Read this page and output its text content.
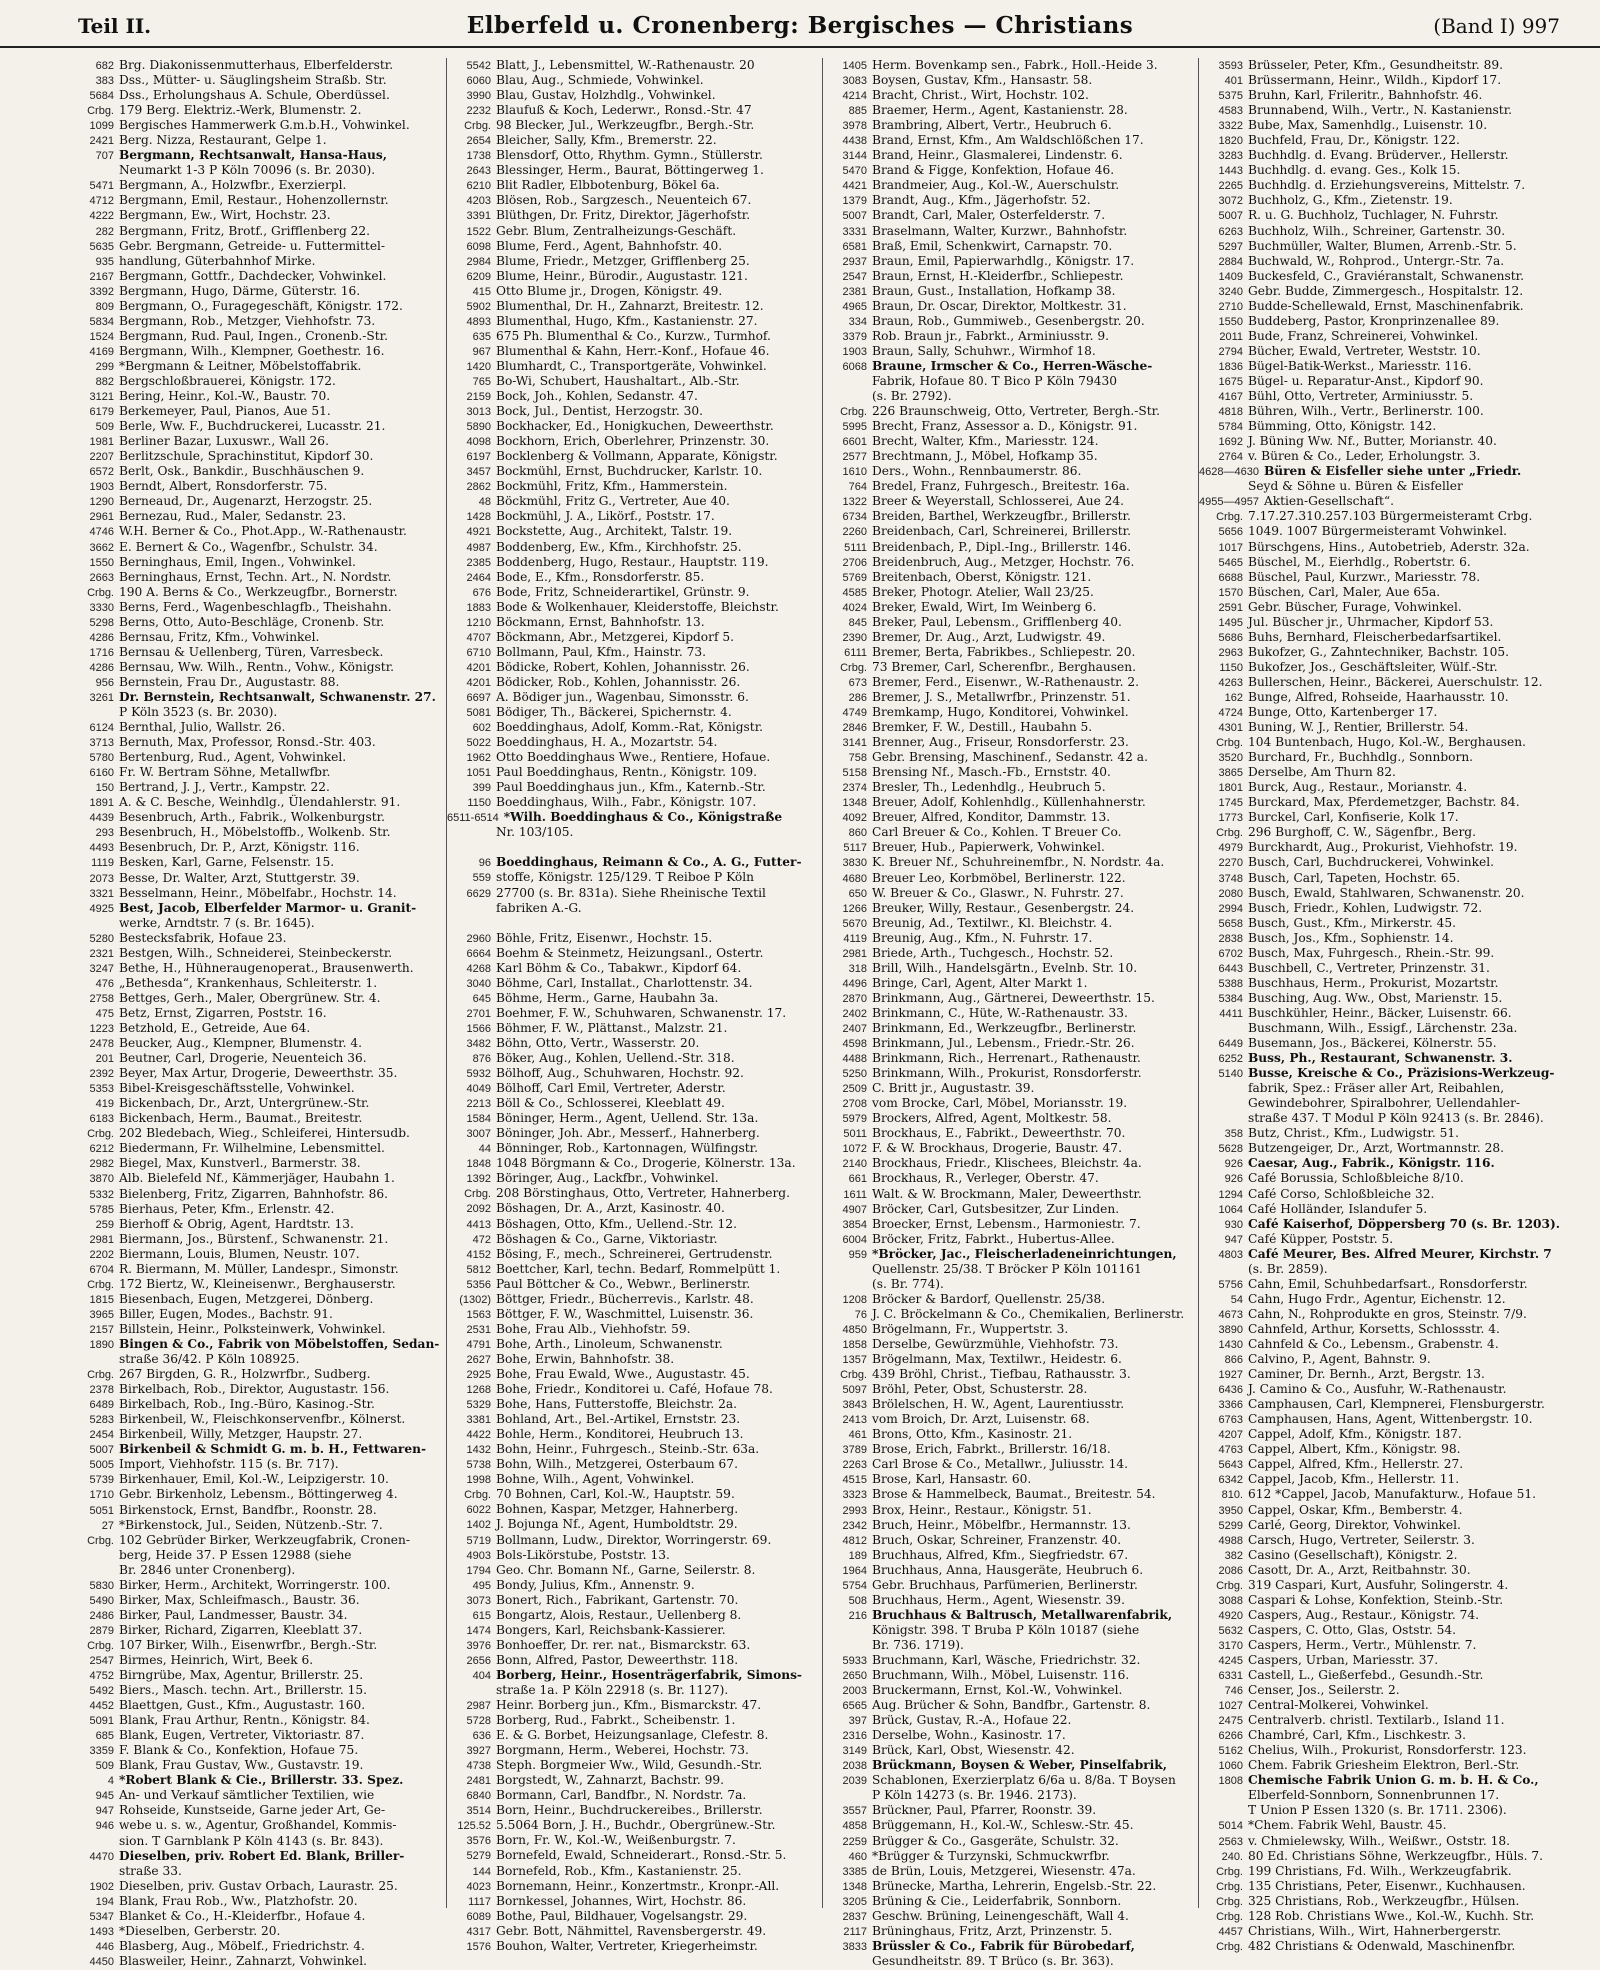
Teil II.	Elberfeld u. Cronenberg: Bergisches — Christians	(Band I) 997
682 Brg. Diakonissenmutterhaus, Elberfelderstr.
383 Dss., Mütter- u. Säuglingsheim Straßb. Str.
5684 Dss., Erholungshaus A. Schule, Oberdüssel.
Crbg. 179 Berg. Elektriz.-Werk, Blumenstr. 2.
1099 Bergisches Hammerwerk G.m.b.H., Vohwinkel.
2421 Berg. Nizza, Restaurant, Gelpe 1.
707 Bergmann, Rechtsanwalt, Hansa-Haus,
Neumarkt 1-3 P Köln 70096 (s. Br. 2030).
5471 Bergmann, A., Holzwfbr., Exerzierpl.
4712 Bergmann, Emil, Restaur., Hohenzollernstr.
4222 Bergmann, Ew., Wirt, Hochstr. 23.
282 Bergmann, Fritz, Brotf., Grifflenberg 22.
5635 Gebr. Bergmann, Getreide- u. Futtermittel-
935 handlung, Güterbahnhof Mirke.
2167 Bergmann, Gottfr., Dachdecker, Vohwinkel.
3392 Bergmann, Hugo, Därme, Güterstr. 16.
809 Bergmann, O., Furagegeschäft, Königstr. 172.
5834 Bergmann, Rob., Metzger, Viehhofstr. 73.
1524 Bergmann, Rud. Paul, Ingen., Cronenb.-Str.
4169 Bergmann, Wilh., Klempner, Goethestr. 16.
299 *Bergmann & Leitner, Möbelstoffabrik.
882 Bergschloßbrauerei, Königstr. 172.
3121 Bering, Heinr., Kol.-W., Baustr. 70.
6179 Berkemeyer, Paul, Pianos, Aue 51.
509 Berle, Ww. F., Buchdruckerei, Lucasstr. 21.
1981 Berliner Bazar, Luxuswr., Wall 26.
2207 Berlitzschule, Sprachinstitut, Kipdorf 30.
6572 Berlt, Osk., Bankdir., Buschhäuschen 9.
1903 Berndt, Albert, Ronsdorferstr. 75.
1290 Berneaud, Dr., Augenarzt, Herzogstr. 25.
2961 Bernezau, Rud., Maler, Sedanstr. 23.
4746 W.H. Berner & Co., Phot.App., W.-Rathenaustr.
3662 E. Bernert & Co., Wagenfbr., Schulstr. 34.
1550 Berninghaus, Emil, Ingen., Vohwinkel.
2663 Berninghaus, Ernst, Techn. Art., N. Nordstr.
Crbg. 190 A. Berns & Co., Werkzeugfbr., Bornerstr.
3330 Berns, Ferd., Wagenbeschlagfb., Theishahn.
5298 Berns, Otto, Auto-Beschläge, Cronenb. Str.
4286 Bernsau, Fritz, Kfm., Vohwinkel.
1716 Bernsau & Uellenberg, Türen, Varresbeck.
4286 Bernsau, Ww. Wilh., Rentn., Vohw., Königstr.
956 Bernstein, Frau Dr., Augustastr. 88.
3261 Dr. Bernstein, Rechtsanwalt, Schwanenstr. 27.
P Köln 3523 (s. Br. 2030).
6124 Bernthal, Julio, Wallstr. 26.
3713 Bernuth, Max, Professor, Ronsd.-Str. 403.
5780 Bertenburg, Rud., Agent, Vohwinkel.
6160 Fr. W. Bertram Söhne, Metallwfbr.
150 Bertrand, J. J., Vertr., Kampstr. 22.
1891 A. & C. Besche, Weinhdlg., Ülendahlerstr. 91.
4439 Besenbruch, Arth., Fabrik., Wolkenburgstr.
293 Besenbruch, H., Möbelstoffb., Wolkenb. Str.
4493 Besenbruch, Dr. P., Arzt, Königstr. 116.
1119 Besken, Karl, Garne, Felsenstr. 15.
2073 Besse, Dr. Walter, Arzt, Stuttgerstr. 39.
3321 Besselmann, Heinr., Möbelfabr., Hochstr. 14.
4925 Best, Jacob, Elberfelder Marmor- u. Granit-
werke, Arndtstr. 7 (s. Br. 1645).
5280 Bestecksfabrik, Hofaue 23.
2321 Bestgen, Wilh., Schneiderei, Steinbeckerstr.
3247 Bethe, H., Hühneraugenoperat., Brausenwerth.
476 „Bethesda“, Krankenhaus, Schleiterstr. 1.
2758 Bettges, Gerh., Maler, Obergrünew. Str. 4.
475 Betz, Ernst, Zigarren, Poststr. 16.
1223 Betzhold, E., Getreide, Aue 64.
2478 Beucker, Aug., Klempner, Blumenstr. 4.
201 Beutner, Carl, Drogerie, Neuenteich 36.
2392 Beyer, Max Artur, Drogerie, Deweerthstr. 35.
5353 Bibel-Kreisgeschäftsstelle, Vohwinkel.
419 Bickenbach, Dr., Arzt, Untergrünew.-Str.
6183 Bickenbach, Herm., Baumat., Breitestr.
Crbg. 202 Bledebach, Wieg., Schleiferei, Hintersudb.
6212 Biedermann, Fr. Wilhelmine, Lebensmittel.
2982 Biegel, Max, Kunstverl., Barmerstr. 38.
3870 Alb. Bielefeld Nf., Kämmerjäger, Haubahn 1.
5332 Bielenberg, Fritz, Zigarren, Bahnhofstr. 86.
5785 Bierhaus, Peter, Kfm., Erlenstr. 42.
259 Bierhoff & Obrig, Agent, Hardtstr. 13.
2981 Biermann, Jos., Bürstenf., Schwanenstr. 21.
2202 Biermann, Louis, Blumen, Neustr. 107.
6704 R. Biermann, M. Müller, Landespr., Simonstr.
Crbg. 172 Biertz, W., Kleineisenwr., Berghauserstr.
1815 Biesenbach, Eugen, Metzgerei, Dönberg.
3965 Biller, Eugen, Modes., Bachstr. 91.
2157 Billstein, Heinr., Polksteinwerk, Vohwinkel.
1890 Bingen & Co., Fabrik von Möbelstoffen, Sedan-
straße 36/42. P Köln 108925.
Crbg. 267 Birgden, G. R., Holzwrfbr., Sudberg.
2378 Birkelbach, Rob., Direktor, Augustastr. 156.
6489 Birkelbach, Rob., Ing.-Büro, Kasinog.-Str.
5283 Birkenbeil, W., Fleischkonservenfbr., Kölnerst.
2454 Birkenbeil, Willy, Metzger, Haupstr. 27.
5007 Birkenbeil & Schmidt G. m. b. H., Fettwaren-
5005 Import, Viehhofstr. 115 (s. Br. 717).
5739 Birkenhauer, Emil, Kol.-W., Leipzigerstr. 10.
1710 Gebr. Birkenholz, Lebensm., Böttingerweg 4.
5051 Birkenstock, Ernst, Bandfbr., Roonstr. 28.
27 *Birkenstock, Jul., Seiden, Nützenb.-Str. 7.
Crbg. 102 Gebrüder Birker, Werkzeugfabrik, Cronen-
berg, Heide 37. P Essen 12988 (siehe
Br. 2846 unter Cronenberg).
5830 Birker, Herm., Architekt, Worringerstr. 100.
5490 Birker, Max, Schleifmasch., Baustr. 36.
2486 Birker, Paul, Landmesser, Baustr. 34.
2879 Birker, Richard, Zigarren, Kleeblatt 37.
Crbg. 107 Birker, Wilh., Eisenwrfbr., Bergh.-Str.
2547 Birmes, Heinrich, Wirt, Beek 6.
4752 Birngrübe, Max, Agentur, Brillerstr. 25.
5492 Biers., Masch. techn. Art., Brillerstr. 15.
4452 Blaettgen, Gust., Kfm., Augustastr. 160.
5091 Blank, Frau Arthur, Rentn., Königstr. 84.
685 Blank, Eugen, Vertreter, Viktoriastr. 87.
3359 F. Blank & Co., Konfektion, Hofaue 75.
509 Blank, Frau Gustav, Ww., Gustavstr. 19.
4 *Robert Blank & Cie., Brillerstr. 33. Spez.
945 An- und Verkauf sämtlicher Textilien, wie
947 Rohseide, Kunstseide, Garne jeder Art, Ge-
946 webe u. s. w., Agentur, Großhandel, Kommis-
sion. T Garnblank P Köln 4143 (s. Br. 843).
4470 Dieselben, priv. Robert Ed. Blank, Briller-
straße 33.
1902 Dieselben, priv. Gustav Orbach, Laurastr. 25.
194 Blank, Frau Rob., Ww., Platzhofstr. 20.
5347 Blanket & Co., H.-Kleiderfbr., Hofaue 4.
1493 *Dieselben, Gerberstr. 20.
446 Blasberg, Aug., Möbelf., Friedrichstr. 4.
4450 Blasweiler, Heinr., Zahnarzt, Vohwinkel.
5542 Blatt, J., Lebensmittel, W.-Rathenaustr. 20
6060 Blau, Aug., Schmiede, Vohwinkel.
3990 Blau, Gustav, Holzhdlg., Vohwinkel.
2232 Blaufuß & Koch, Lederwr., Ronsd.-Str. 47
Crbg. 98 Blecker, Jul., Werkzeugfbr., Bergh.-Str.
2654 Bleicher, Sally, Kfm., Bremerstr. 22.
1738 Blensdorf, Otto, Rhythm. Gymn., Stüllerstr.
2643 Blessinger, Herm., Baurat, Böttingerweg 1.
6210 Blit Radler, Elbbotenburg, Bökel 6a.
4203 Blösen, Rob., Sargzesch., Neuenteich 67.
3391 Blüthgen, Dr. Fritz, Direktor, Jägerhofstr.
1522 Gebr. Blum, Zentralheizungs-Geschäft.
6098 Blume, Ferd., Agent, Bahnhofstr. 40.
2984 Blume, Friedr., Metzger, Grifflenberg 25.
6209 Blume, Heinr., Bürodir., Augustastr. 121.
415 Otto Blume jr., Drogen, Königstr. 49.
5902 Blumenthal, Dr. H., Zahnarzt, Breitestr. 12.
4893 Blumenthal, Hugo, Kfm., Kastanienstr. 27.
635 675 Ph. Blumenthal & Co., Kurzw., Turmhof.
967 Blumenthal & Kahn, Herr.-Konf., Hofaue 46.
1420 Blumhardt, C., Transportgeräte, Vohwinkel.
765 Bo-Wi, Schubert, Haushaltart., Alb.-Str.
2159 Bock, Joh., Kohlen, Sedanstr. 47.
3013 Bock, Jul., Dentist, Herzogstr. 30.
5890 Bockhacker, Ed., Honigkuchen, Deweerthstr.
4098 Bockhorn, Erich, Oberlehrer, Prinzenstr. 30.
6197 Bocklenberg & Vollmann, Apparate, Königstr.
3457 Bockmühl, Ernst, Buchdrucker, Karlstr. 10.
2862 Bockmühl, Fritz, Kfm., Hammerstein.
48 Böckmühl, Fritz G., Vertreter, Aue 40.
1428 Bockmühl, J. A., Likörf., Poststr. 17.
4921 Bockstette, Aug., Architekt, Talstr. 19.
4987 Boddenberg, Ew., Kfm., Kirchhofstr. 25.
2385 Boddenberg, Hugo, Restaur., Hauptstr. 119.
2464 Bode, E., Kfm., Ronsdorferstr. 85.
676 Bode, Fritz, Schneiderartikel, Grünstr. 9.
1883 Bode & Wolkenhauer, Kleiderstoffe, Bleichstr.
1210 Böckmann, Ernst, Bahnhofstr. 13.
4707 Böckmann, Abr., Metzgerei, Kipdorf 5.
6710 Bollmann, Paul, Kfm., Hainstr. 73.
4201 Bödicke, Robert, Kohlen, Johannisstr. 26.
4201 Bödicker, Rob., Kohlen, Johannisstr. 26.
6697 A. Bödiger jun., Wagenbau, Simonsstr. 6.
5081 Bödiger, Th., Bäckerei, Spichernstr. 4.
602 Boeddinghaus, Adolf, Komm.-Rat, Königstr.
5022 Boeddinghaus, H. A., Mozartstr. 54.
1962 Otto Boeddinghaus Wwe., Rentiere, Hofaue.
1051 Paul Boeddinghaus, Rentn., Königstr. 109.
399 Paul Boeddinghaus jun., Kfm., Katernb.-Str.
1150 Boeddinghaus, Wilh., Fabr., Königstr. 107.
6511-6514 *Wilh. Boeddinghaus & Co., Königstraße
Nr. 103/105.
96 Boeddinghaus, Reimann & Co., A. G., Futter-
559 stoffe, Königstr. 125/129. T Reiboe P Köln
6629 27700 (s. Br. 831a). Siehe Rheinische Textil
fabriken A.-G.
2960 Böhle, Fritz, Eisenwr., Hochstr. 15.
6664 Boehm & Steinmetz, Heizungsanl., Ostertr.
4268 Karl Böhm & Co., Tabakwr., Kipdorf 64.
3040 Böhme, Carl, Installat., Charlottenstr. 34.
645 Böhme, Herm., Garne, Haubahn 3a.
2701 Boehmer, F. W., Schuhwaren, Schwanenstr. 17.
1566 Böhmer, F. W., Plättanst., Malzstr. 21.
3482 Böhn, Otto, Vertr., Wasserstr. 20.
876 Böker, Aug., Kohlen, Uellend.-Str. 318.
5932 Bölhoff, Aug., Schuhwaren, Hochstr. 92.
4049 Bölhoff, Carl Emil, Vertreter, Aderstr.
2213 Böll & Co., Schlosserei, Kleeblatt 49.
1584 Böninger, Herm., Agent, Uellend. Str. 13a.
3007 Böninger, Joh. Abr., Messerf., Hahnerberg.
44 Bönninger, Rob., Kartonnagen, Wülfingstr.
1848 1048 Börgmann & Co., Drogerie, Kölnerstr. 13a.
1392 Böringer, Aug., Lackfbr., Vohwinkel.
Crbg. 208 Börstinghaus, Otto, Vertreter, Hahnerberg.
2092 Böshagen, Dr. A., Arzt, Kasinostr. 40.
4413 Böshagen, Otto, Kfm., Uellend.-Str. 12.
472 Böshagen & Co., Garne, Viktoriastr.
4152 Bösing, F., mech., Schreinerei, Gertrudenstr.
5812 Boettcher, Karl, techn. Bedarf, Rommelpütt 1.
5356 Paul Böttcher & Co., Webwr., Berlinerstr.
(1302) Böttger, Friedr., Bücherrevis., Karlstr. 48.
1563 Böttger, F. W., Waschmittel, Luisenstr. 36.
2531 Bohe, Frau Alb., Viehhofstr. 59.
4791 Bohe, Arth., Linoleum, Schwanenstr.
2627 Bohe, Erwin, Bahnhofstr. 38.
2925 Bohe, Frau Ewald, Wwe., Augustastr. 45.
1268 Bohe, Friedr., Konditorei u. Café, Hofaue 78.
5329 Bohe, Hans, Futterstoffe, Bleichstr. 2a.
3381 Bohland, Art., Bel.-Artikel, Ernststr. 23.
4422 Bohle, Herm., Konditorei, Heubruch 13.
1432 Bohn, Heinr., Fuhrgesch., Steinb.-Str. 63a.
5738 Bohn, Wilh., Metzgerei, Osterbaum 67.
1998 Bohne, Wilh., Agent, Vohwinkel.
Crbg. 70 Bohnen, Carl, Kol.-W., Hauptstr. 59.
6022 Bohnen, Kaspar, Metzger, Hahnerberg.
1402 J. Bojunga Nf., Agent, Humboldtstr. 29.
5719 Bollmann, Ludw., Direktor, Worringerstr. 69.
4903 Bols-Likörstube, Poststr. 13.
1794 Geo. Chr. Bomann Nf., Garne, Seilerstr. 8.
495 Bondy, Julius, Kfm., Annenstr. 9.
3073 Bonert, Rich., Fabrikant, Gartenstr. 70.
615 Bongartz, Alois, Restaur., Uellenberg 8.
1474 Bongers, Karl, Reichsbank-Kassierer.
3976 Bonhoeffer, Dr. rer. nat., Bismarckstr. 63.
2656 Bonn, Alfred, Pastor, Deweerthstr. 118.
404 Borberg, Heinr., Hosenträgerfabrik, Simons-
straße 1a. P Köln 22918 (s. Br. 1127).
2987 Heinr. Borberg jun., Kfm., Bismarckstr. 47.
5728 Borberg, Rud., Fabrkt., Scheibenstr. 1.
636 E. & G. Borbet, Heizungsanlage, Clefestr. 8.
3927 Borgmann, Herm., Weberei, Hochstr. 73.
4738 Steph. Borgmeier Ww., Wild, Gesundh.-Str.
2481 Borgstedt, W., Zahnarzt, Bachstr. 99.
6840 Bormann, Carl, Bandfbr., N. Nordstr. 7a.
3514 Born, Heinr., Buchdruckereibes., Brillerstr.
125.52 5.5064 Born, J. H., Buchdr., Obergrünew.-Str.
3576 Born, Fr. W., Kol.-W., Weißenburgstr. 7.
5279 Bornefeld, Ewald, Schneiderart., Ronsd.-Str. 5.
144 Bornefeld, Rob., Kfm., Kastanienstr. 25.
4023 Bornemann, Heinr., Konzertmstr., Kronpr.-All.
1117 Bornkessel, Johannes, Wirt, Hochstr. 86.
6089 Bothe, Paul, Bildhauer, Vogelsangstr. 29.
4317 Gebr. Bott, Nähmittel, Ravensbergerstr. 49.
1576 Bouhon, Walter, Vertreter, Kriegerheimstr.
1405 Herm. Bovenkamp sen., Fabrk., Holl.-Heide 3.
3083 Boysen, Gustav, Kfm., Hansastr. 58.
4214 Bracht, Christ., Wirt, Hochstr. 102.
885 Braemer, Herm., Agent, Kastanienstr. 28.
3978 Brambring, Albert, Vertr., Heubruch 6.
4438 Brand, Ernst, Kfm., Am Waldschlößchen 17.
3144 Brand, Heinr., Glasmalerei, Lindenstr. 6.
5470 Brand & Figge, Konfektion, Hofaue 46.
4421 Brandmeier, Aug., Kol.-W., Auerschulstr.
1379 Brandt, Aug., Kfm., Jägerhofstr. 52.
5007 Brandt, Carl, Maler, Osterfelderstr. 7.
3331 Braselmann, Walter, Kurzwr., Bahnhofstr.
6581 Braß, Emil, Schenkwirt, Carnapstr. 70.
2937 Braun, Emil, Papierwarhdlg., Königstr. 17.
2547 Braun, Ernst, H.-Kleiderfbr., Schliepestr.
2381 Braun, Gust., Installation, Hofkamp 38.
4965 Braun, Dr. Oscar, Direktor, Moltkestr. 31.
334 Braun, Rob., Gummiweb., Gesenbergstr. 20.
3379 Rob. Braun jr., Fabrkt., Arminiusstr. 9.
1903 Braun, Sally, Schuhwr., Wirmhof 18.
6068 Braune, Irmscher & Co., Herren-Wäsche-
Fabrik, Hofaue 80. T Bico P Köln 79430
(s. Br. 2792).
Crbg. 226 Braunschweig, Otto, Vertreter, Bergh.-Str.
5995 Brecht, Franz, Assessor a. D., Königstr. 91.
6601 Brecht, Walter, Kfm., Mariesstr. 124.
2577 Brechtmann, J., Möbel, Hofkamp 35.
1610 Ders., Wohn., Rennbaumerstr. 86.
764 Bredel, Franz, Fuhrgesch., Breitestr. 16a.
1322 Breer & Weyerstall, Schlosserei, Aue 24.
6734 Breiden, Barthel, Werkzeugfbr., Brillerstr.
2260 Breidenbach, Carl, Schreinerei, Brillerstr.
5111 Breidenbach, P., Dipl.-Ing., Brillerstr. 146.
2706 Breidenbruch, Aug., Metzger, Hochstr. 76.
5769 Breitenbach, Oberst, Königstr. 121.
4585 Breker, Photogr. Atelier, Wall 23/25.
4024 Breker, Ewald, Wirt, Im Weinberg 6.
845 Breker, Paul, Lebensm., Grifflenberg 40.
2390 Bremer, Dr. Aug., Arzt, Ludwigstr. 49.
6111 Bremer, Berta, Fabrikbes., Schliepestr. 20.
Crbg. 73 Bremer, Carl, Scherenfbr., Berghausen.
673 Bremer, Ferd., Eisenwr., W.-Rathenaustr. 2.
286 Bremer, J. S., Metallwrfbr., Prinzenstr. 51.
4749 Bremkamp, Hugo, Konditorei, Vohwinkel.
2846 Bremker, F. W., Destill., Haubahn 5.
3141 Brenner, Aug., Friseur, Ronsdorferstr. 23.
758 Gebr. Brensing, Maschinenf., Sedanstr. 42 a.
5158 Brensing Nf., Masch.-Fb., Ernststr. 40.
2374 Bresler, Th., Ledenhdlg., Heubruch 5.
1348 Breuer, Adolf, Kohlenhdlg., Küllenhahnerstr.
4092 Breuer, Alfred, Konditor, Dammstr. 13.
860 Carl Breuer & Co., Kohlen. T Breuer Co.
5117 Breuer, Hub., Papierwerk, Vohwinkel.
3830 K. Breuer Nf., Schuhreinemfbr., N. Nordstr. 4a.
4680 Breuer Leo, Korbmöbel, Berlinerstr. 122.
650 W. Breuer & Co., Glaswr., N. Fuhrstr. 27.
1266 Breuker, Willy, Restaur., Gesenbergstr. 24.
5670 Breunig, Ad., Textilwr., Kl. Bleichstr. 4.
4119 Breunig, Aug., Kfm., N. Fuhrstr. 17.
2981 Briede, Arth., Tuchgesch., Hochstr. 52.
318 Brill, Wilh., Handelsgärtn., Evelnb. Str. 10.
4496 Bringe, Carl, Agent, Alter Markt 1.
2870 Brinkmann, Aug., Gärtnerei, Deweerthstr. 15.
2402 Brinkmann, C., Hüte, W.-Rathenaustr. 33.
2407 Brinkmann, Ed., Werkzeugfbr., Berlinerstr.
4598 Brinkmann, Jul., Lebensm., Friedr.-Str. 26.
4488 Brinkmann, Rich., Herrenart., Rathenaustr.
5250 Brinkmann, Wilh., Prokurist, Ronsdorferstr.
2509 C. Britt jr., Augustastr. 39.
2708 vom Brocke, Carl, Möbel, Moriansstr. 19.
5979 Brockers, Alfred, Agent, Moltkestr. 58.
5011 Brockhaus, E., Fabrikt., Deweerthstr. 70.
1072 F. & W. Brockhaus, Drogerie, Baustr. 47.
2140 Brockhaus, Friedr., Klischees, Bleichstr. 4a.
661 Brockhaus, R., Verleger, Oberstr. 47.
1611 Walt. & W. Brockmann, Maler, Deweerthstr.
4907 Bröcker, Carl, Gutsbesitzer, Zur Linden.
3854 Broecker, Ernst, Lebensm., Harmoniestr. 7.
6004 Bröcker, Fritz, Fabrkt., Hubertus-Allee.
959 *Bröcker, Jac., Fleischerladeneinrichtungen,
Quellenstr. 25/38. T Bröcker P Köln 101161
(s. Br. 774).
1208 Bröcker & Bardorf, Quellenstr. 25/38.
76 J. C. Bröckelmann & Co., Chemikalien, Berlinerstr.
4850 Brögelmann, Fr., Wuppertstr. 3.
1858 Derselbe, Gewürzmühle, Viehhofstr. 73.
1357 Brögelmann, Max, Textilwr., Heidestr. 6.
Crbg. 439 Bröhl, Christ., Tiefbau, Rathausstr. 3.
5097 Bröhl, Peter, Obst, Schusterstr. 28.
3843 Brölelschen, H. W., Agent, Laurentiusstr.
2413 vom Broich, Dr. Arzt, Luisenstr. 68.
461 Brons, Otto, Kfm., Kasinostr. 21.
3789 Brose, Erich, Fabrkt., Brillerstr. 16/18.
2263 Carl Brose & Co., Metallwr., Juliusstr. 14.
4515 Brose, Karl, Hansastr. 60.
3323 Brose & Hammelbeck, Baumat., Breitestr. 54.
2993 Brox, Heinr., Restaur., Königstr. 51.
2342 Bruch, Heinr., Möbelfbr., Hermannstr. 13.
4812 Bruch, Oskar, Schreiner, Franzenstr. 40.
189 Bruchhaus, Alfred, Kfm., Siegfriedstr. 67.
1964 Bruchhaus, Anna, Hausgeräte, Heubruch 6.
5754 Gebr. Bruchhaus, Parfümerien, Berlinerstr.
508 Bruchhaus, Herm., Agent, Wiesenstr. 39.
216 Bruchhaus & Baltrusch, Metallwarenfabrik,
Königstr. 398. T Bruba P Köln 10187 (siehe
Br. 736. 1719).
5933 Bruchmann, Karl, Wäsche, Friedrichstr. 32.
2650 Bruchmann, Wilh., Möbel, Luisenstr. 116.
2003 Bruckermann, Ernst, Kol.-W., Vohwinkel.
6565 Aug. Brücher & Sohn, Bandfbr., Gartenstr. 8.
397 Brück, Gustav, R.-A., Hofaue 22.
2316 Derselbe, Wohn., Kasinostr. 17.
3149 Brück, Karl, Obst, Wiesenstr. 42.
2038 Brückmann, Boysen & Weber, Pinselfabrik,
2039 Schablonen, Exerzierplatz 6/6a u. 8/8a. T Boysen
P Köln 14273 (s. Br. 1946. 2173).
3557 Brückner, Paul, Pfarrer, Roonstr. 39.
4858 Brüggemann, H., Kol.-W., Schlesw.-Str. 45.
2259 Brügger & Co., Gasgeräte, Schulstr. 32.
460 *Brügger & Turzynski, Schmuckwrfbr.
3385 de Brün, Louis, Metzgerei, Wiesenstr. 47a.
1348 Brünecke, Martha, Lehrerin, Engelsb.-Str. 22.
3205 Brüning & Cie., Leiderfabrik, Sonnborn.
2837 Geschw. Brüning, Leinengeschäft, Wall 4.
2117 Brüninghaus, Fritz, Arzt, Prinzenstr. 5.
3833 Brüssler & Co., Fabrik für Bürobedarf,
Gesundheitstr. 89. T Brüco (s. Br. 363).
3593 Brüsseler, Peter, Kfm., Gesundheitstr. 89.
401 Brüssermann, Heinr., Wildh., Kipdorf 17.
5375 Bruhn, Karl, Frileritr., Bahnhofstr. 46.
4583 Brunnabend, Wilh., Vertr., N. Kastanienstr.
3322 Bube, Max, Samenhdlg., Luisenstr. 10.
1820 Buchfeld, Frau, Dr., Königstr. 122.
3283 Buchhdlg. d. Evang. Brüderver., Hellerstr.
1443 Buchhdlg. d. evang. Ges., Kolk 15.
2265 Buchhdlg. d. Erziehungsvereins, Mittelstr. 7.
3072 Buchholz, G., Kfm., Zietenstr. 19.
5007 R. u. G. Buchholz, Tuchlager, N. Fuhrstr.
6263 Buchholz, Wilh., Schreiner, Gartenstr. 30.
5297 Buchmüller, Walter, Blumen, Arrenb.-Str. 5.
2884 Buchwald, W., Rohprod., Untergr.-Str. 7a.
1409 Buckesfeld, C., Graviéranstalt, Schwanenstr.
3240 Gebr. Budde, Zimmergesch., Hospitalstr. 12.
2710 Budde-Schellewald, Ernst, Maschinenfabrik.
1550 Buddeberg, Pastor, Kronprinzenallee 89.
2011 Bude, Franz, Schreinerei, Vohwinkel.
2794 Bücher, Ewald, Vertreter, Weststr. 10.
1836 Bügel-Batik-Werkst., Mariesstr. 116.
1675 Bügel- u. Reparatur-Anst., Kipdorf 90.
4167 Bühl, Otto, Vertreter, Arminiusstr. 5.
4818 Bühren, Wilh., Vertr., Berlinerstr. 100.
5784 Bümming, Otto, Königstr. 142.
1692 J. Büning Ww. Nf., Butter, Morianstr. 40.
2764 v. Büren & Co., Leder, Erholungstr. 3.
4628—4630 Büren & Eisfeller siehe unter „Friedr.
Seyd & Söhne u. Büren & Eisfeller
4955—4957 Aktien-Gesellschaft“.
Crbg. 7.17.27.310.257.103 Bürgermeisteramt Crbg.
5656 1049. 1007 Bürgermeisteramt Vohwinkel.
1017 Bürschgens, Hins., Autobetrieb, Aderstr. 32a.
5465 Büschel, M., Eierhdlg., Robertstr. 6.
6688 Büschel, Paul, Kurzwr., Mariesstr. 78.
1570 Büschen, Carl, Maler, Aue 65a.
2591 Gebr. Büscher, Furage, Vohwinkel.
1495 Jul. Büscher jr., Uhrmacher, Kipdorf 53.
5686 Buhs, Bernhard, Fleischerbedarfsartikel.
2963 Bukofzer, G., Zahntechniker, Bachstr. 105.
1150 Bukofzer, Jos., Geschäftsleiter, Wülf.-Str.
4263 Bullerschen, Heinr., Bäckerei, Auerschulstr. 12.
162 Bunge, Alfred, Rohseide, Haarhausstr. 10.
4724 Bunge, Otto, Kartenberger 17.
4301 Buning, W. J., Rentier, Brillerstr. 54.
Crbg. 104 Buntenbach, Hugo, Kol.-W., Berghausen.
3520 Burchard, Fr., Buchhdlg., Sonnborn.
3865 Derselbe, Am Thurn 82.
1801 Burck, Aug., Restaur., Morianstr. 4.
1745 Burckard, Max, Pferdemetzger, Bachstr. 84.
1773 Burckel, Carl, Konfiserie, Kolk 17.
Crbg. 296 Burghoff, C. W., Sägenfbr., Berg.
4979 Burckhardt, Aug., Prokurist, Viehhofstr. 19.
2270 Busch, Carl, Buchdruckerei, Vohwinkel.
3748 Busch, Carl, Tapeten, Hochstr. 65.
2080 Busch, Ewald, Stahlwaren, Schwanenstr. 20.
2994 Busch, Friedr., Kohlen, Ludwigstr. 72.
5658 Busch, Gust., Kfm., Mirkerstr. 45.
2838 Busch, Jos., Kfm., Sophienstr. 14.
6702 Busch, Max, Fuhrgesch., Rhein.-Str. 99.
6443 Buschbell, C., Vertreter, Prinzenstr. 31.
5388 Buschhaus, Herm., Prokurist, Mozartstr.
5384 Busching, Aug. Ww., Obst, Marienstr. 15.
4411 Buschkühler, Heinr., Bäcker, Luisenstr. 66.
Buschmann, Wilh., Essigf., Lärchenstr. 23a.
6449 Busemann, Jos., Bäckerei, Kölnerstr. 55.
6252 Buss, Ph., Restaurant, Schwanenstr. 3.
5140 Busse, Kreische & Co., Präzisions-Werkzeug-
fabrik, Spez.: Fräser aller Art, Reibahlen,
Gewindebohrer, Spiralbohrer, Uellendahler-
straße 437. T Modul P Köln 92413 (s. Br. 2846).
358 Butz, Christ., Kfm., Ludwigstr. 51.
5628 Butzengeiger, Dr., Arzt, Wortmannstr. 28.
926 Caesar, Aug., Fabrik., Königstr. 116.
926 Café Borussia, Schloßbleiche 8/10.
1294 Café Corso, Schloßbleiche 32.
1064 Café Holländer, Islandufer 5.
930 Café Kaiserhof, Döppersberg 70 (s. Br. 1203).
947 Café Küpper, Poststr. 5.
4803 Café Meurer, Bes. Alfred Meurer, Kirchstr. 7
(s. Br. 2859).
5756 Cahn, Emil, Schuhbedarfsart., Ronsdorferstr.
54 Cahn, Hugo Frdr., Agentur, Eichenstr. 12.
4673 Cahn, N., Rohprodukte en gros, Steinstr. 7/9.
3890 Cahnfeld, Arthur, Korsetts, Schlossstr. 4.
1430 Cahnfeld & Co., Lebensm., Grabenstr. 4.
866 Calvino, P., Agent, Bahnstr. 9.
1927 Caminer, Dr. Bernh., Arzt, Bergstr. 13.
6436 J. Camino & Co., Ausfuhr, W.-Rathenaustr.
3366 Camphausen, Carl, Klempnerei, Flensburgerstr.
6763 Camphausen, Hans, Agent, Wittenbergstr. 10.
4207 Cappel, Adolf, Kfm., Königstr. 187.
4763 Cappel, Albert, Kfm., Königstr. 98.
5643 Cappel, Alfred, Kfm., Hellerstr. 27.
6342 Cappel, Jacob, Kfm., Hellerstr. 11.
810. 612 *Cappel, Jacob, Manufakturw., Hofaue 51.
3950 Cappel, Oskar, Kfm., Bemberstr. 4.
5299 Carlé, Georg, Direktor, Vohwinkel.
4988 Carsch, Hugo, Vertreter, Seilerstr. 3.
382 Casino (Gesellschaft), Königstr. 2.
2086 Casott, Dr. A., Arzt, Reitbahnstr. 30.
Crbg. 319 Caspari, Kurt, Ausfuhr, Solingerstr. 4.
3088 Caspari & Lohse, Konfektion, Steinb.-Str.
4920 Caspers, Aug., Restaur., Königstr. 74.
5632 Caspers, C. Otto, Glas, Oststr. 54.
3170 Caspers, Herm., Vertr., Mühlenstr. 7.
4245 Caspers, Urban, Mariesstr. 37.
6331 Castell, L., Gießerfebd., Gesundh.-Str.
746 Censer, Jos., Seilerstr. 2.
1027 Central-Molkerei, Vohwinkel.
2475 Centralverb. christl. Textilarb., Island 11.
6266 Chambré, Carl, Kfm., Lischkestr. 3.
5162 Chelius, Wilh., Prokurist, Ronsdorferstr. 123.
1060 Chem. Fabrik Griesheim Elektron, Berl.-Str.
1808 Chemische Fabrik Union G. m. b. H. & Co.,
Elberfeld-Sonnborn, Sonnenbrunnen 17.
T Union P Essen 1320 (s. Br. 1711. 2306).
5014 *Chem. Fabrik Wehl, Baustr. 45.
2563 v. Chmielewsky, Wilh., Weißwr., Oststr. 18.
240. 80 Ed. Christians Söhne, Werkzeugfbr., Hüls. 7.
Crbg. 199 Christians, Fd. Wilh., Werkzeugfabrik.
Crbg. 135 Christians, Peter, Eisenwr., Kuchhausen.
Crbg. 325 Christians, Rob., Werkzeugfbr., Hülsen.
Crbg. 128 Rob. Christians Wwe., Kol.-W., Kuchh. Str.
4457 Christians, Wilh., Wirt, Hahnerbergerstr.
Crbg. 482 Christians & Odenwald, Maschinenfbr.
